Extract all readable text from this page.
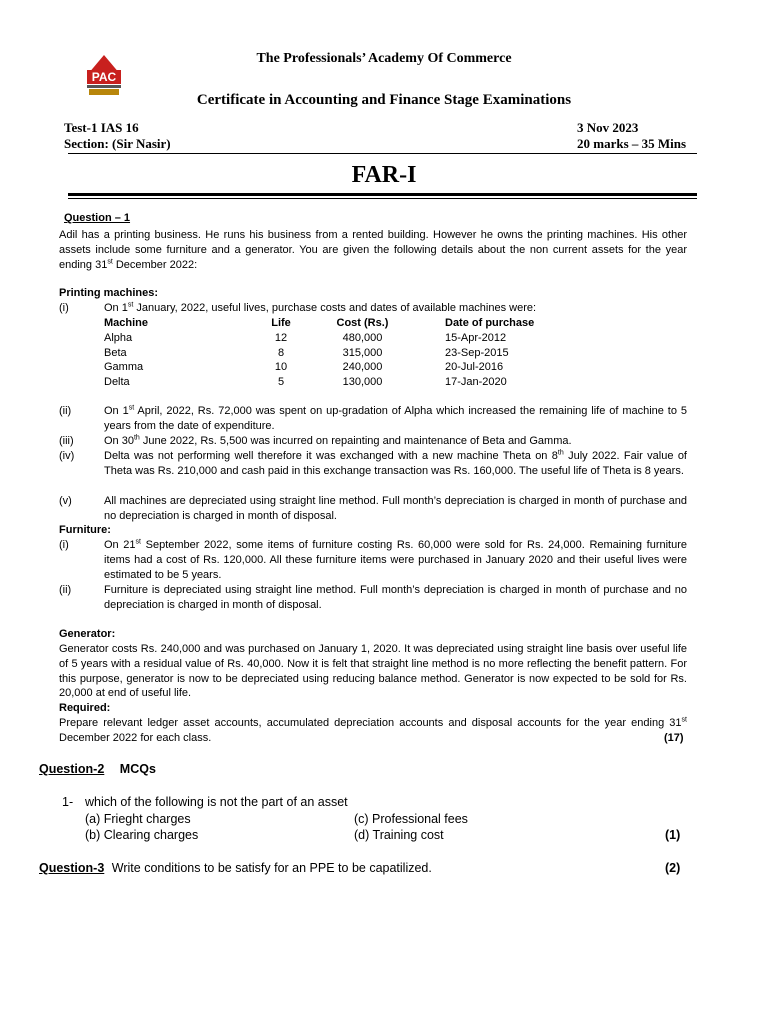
PAC
The Professionals’ Academy Of Commerce
Certificate in Accounting and Finance Stage Examinations
Test-1 IAS 16
Section: (Sir Nasir)
3 Nov 2023
20 marks – 35 Mins
FAR-I
Question – 1
Adil has a printing business. He runs his business from a rented building. However he owns the printing machines. His other assets include some furniture and a generator. You are given the following details about the non current assets for the year ending 31st December 2022:
Printing machines:
(i)	On 1st January, 2022, useful lives, purchase costs and dates of available machines were:
Machine	Life	Cost (Rs.)	Date of purchase
Alpha	12	480,000	15-Apr-2012
Beta	8	315,000	23-Sep-2015
Gamma	10	240,000	20-Jul-2016
Delta	5	130,000	17-Jan-2020
(ii)	On 1st April, 2022, Rs. 72,000 was spent on up-gradation of Alpha which increased the remaining life of machine to 5 years from the date of expenditure.
(iii)	On 30th June 2022, Rs. 5,500 was incurred on repainting and maintenance of Beta and Gamma.
(iv)	Delta was not performing well therefore it was exchanged with a new machine Theta on 8th July 2022. Fair value of Theta was Rs. 210,000 and cash paid in this exchange transaction was Rs. 160,000. The useful life of Theta is 8 years.
(v)	All machines are depreciated using straight line method. Full month’s depreciation is charged in month of purchase and no depreciation is charged in month of disposal.
Furniture:
(i)	On 21st September 2022, some items of furniture costing Rs. 60,000 were sold for Rs. 24,000. Remaining furniture items had a cost of Rs. 120,000. All these furniture items were purchased in January 2020 and their useful lives were estimated to be 5 years.
(ii)	Furniture is depreciated using straight line method. Full month’s depreciation is charged in month of purchase and no depreciation is charged in month of disposal.
Generator:
Generator costs Rs. 240,000 and was purchased on January 1, 2020. It was depreciated using straight line basis over useful life of 5 years with a residual value of Rs. 40,000. Now it is felt that straight line method is no more reflecting the benefit pattern. For this purpose, generator is now to be depreciated using reducing balance method. Generator is now expected to be sold for Rs. 20,000 at end of useful life.
Required:
Prepare relevant ledger asset accounts, accumulated depreciation accounts and disposal accounts for the year ending 31st December 2022 for each class.	(17)
Question-2 MCQs
1- which of the following is not the part of an asset
(a) Frieght charges
(b) Clearing charges
(c) Professional fees
(d) Training cost	(1)
Question-3 Write conditions to be satisfy for an PPE to be capatilized.	(2)
